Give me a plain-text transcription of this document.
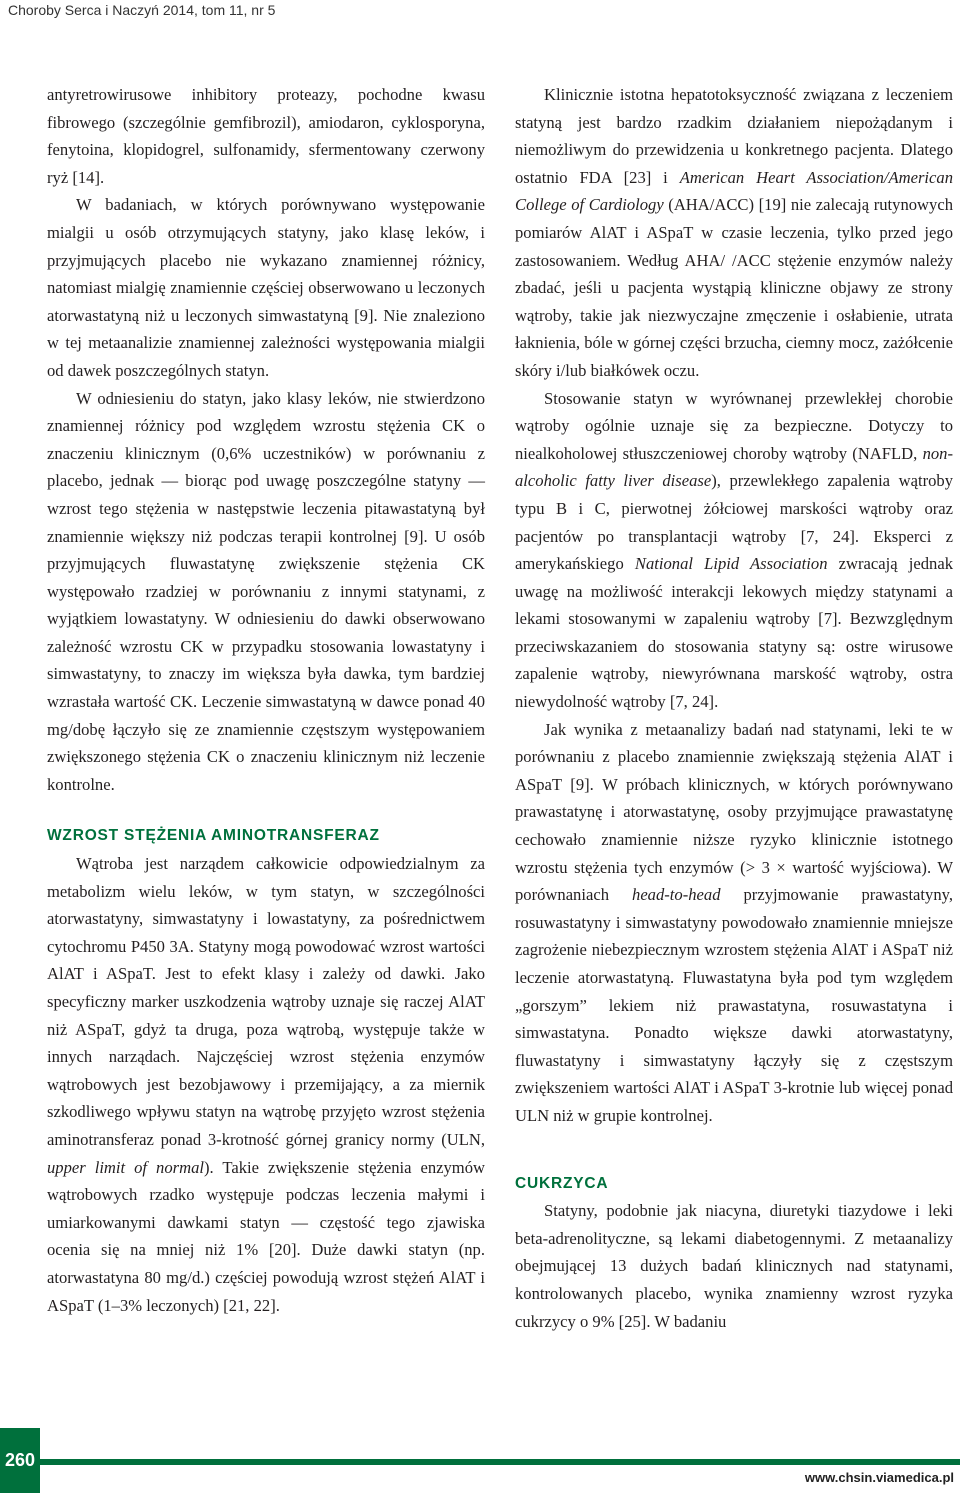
Choroby Serca i Naczyń 2014, tom 11, nr 5

antyretrowirusowe inhibitory proteazy, pochodne kwasu fibrowego (szczególnie gemfibrozil), amiodaron, cyklosporyna, fenytoina, klopidogrel, sulfonamidy, sfermentowany czerwony ryż [14].

W badaniach, w których porównywano występowanie mialgii u osób otrzymujących statyny, jako klasę leków, i przyjmujących placebo nie wykazano znamiennej różnicy, natomiast mialgię znamiennie częściej obserwowano u leczonych atorwastatyną niż u leczonych simwastatyną [9]. Nie znaleziono w tej metaanalizie znamiennej zależności występowania mialgii od dawek poszczególnych statyn.

W odniesieniu do statyn, jako klasy leków, nie stwierdzono znamiennej różnicy pod względem wzrostu stężenia CK o znaczeniu klinicznym (0,6% uczestników) w porównaniu z placebo, jednak — biorąc pod uwagę poszczególne statyny — wzrost tego stężenia w następstwie leczenia pitawastatyną był znamiennie większy niż podczas terapii kontrolnej [9]. U osób przyjmujących fluwastatynę zwiększenie stężenia CK występowało rzadziej w porównaniu z innymi statynami, z wyjątkiem lowastatyny. W odniesieniu do dawki obserwowano zależność wzrostu CK w przypadku stosowania lowastatyny i simwastatyny, to znaczy im większa była dawka, tym bardziej wzrastała wartość CK. Leczenie simwastatyną w dawce ponad 40 mg/dobę łączyło się ze znamiennie częstszym występowaniem zwiększonego stężenia CK o znaczeniu klinicznym niż leczenie kontrolne.

WZROST STĘŻENIA AMINOTRANSFERAZ

Wątroba jest narządem całkowicie odpowiedzialnym za metabolizm wielu leków, w tym statyn, w szczególności atorwastatyny, simwastatyny i lowastatyny, za pośrednictwem cytochromu P450 3A. Statyny mogą powodować wzrost wartości AlAT i ASpaT. Jest to efekt klasy i zależy od dawki. Jako specyficzny marker uszkodzenia wątroby uznaje się raczej AlAT niż ASpaT, gdyż ta druga, poza wątrobą, występuje także w innych narządach. Najczęściej wzrost stężenia enzymów wątrobowych jest bezobjawowy i przemijający, a za miernik szkodliwego wpływu statyn na wątrobę przyjęto wzrost stężenia aminotransferaz ponad 3-krotność górnej granicy normy (ULN, upper limit of normal). Takie zwiększenie stężenia enzymów wątrobowych rzadko występuje podczas leczenia małymi i umiarkowanymi dawkami statyn — częstość tego zjawiska ocenia się na mniej niż 1% [20]. Duże dawki statyn (np. atorwastatyna 80 mg/d.) częściej powodują wzrost stężeń AlAT i ASpaT (1–3% leczonych) [21, 22].

Klinicznie istotna hepatotoksyczność związana z leczeniem statyną jest bardzo rzadkim działaniem niepożądanym i niemożliwym do przewidzenia u konkretnego pacjenta. Dlatego ostatnio FDA [23] i American Heart Association/American College of Cardiology (AHA/ACC) [19] nie zalecają rutynowych pomiarów AlAT i ASpaT w czasie leczenia, tylko przed jego zastosowaniem. Według AHA/ /ACC stężenie enzymów należy zbadać, jeśli u pacjenta wystąpią kliniczne objawy ze strony wątroby, takie jak niezwyczajne zmęczenie i osłabienie, utrata łaknienia, bóle w górnej części brzucha, ciemny mocz, zażółcenie skóry i/lub białkówek oczu.

Stosowanie statyn w wyrównanej przewlekłej chorobie wątroby ogólnie uznaje się za bezpieczne. Dotyczy to niealkoholowej stłuszczeniowej choroby wątroby (NAFLD, non-alcoholic fatty liver disease), przewlekłego zapalenia wątroby typu B i C, pierwotnej żółciowej marskości wątroby oraz pacjentów po transplantacji wątroby [7, 24]. Eksperci z amerykańskiego National Lipid Association zwracają jednak uwagę na możliwość interakcji lekowych między statynami a lekami stosowanymi w zapaleniu wątroby [7]. Bezwzględnym przeciwskazaniem do stosowania statyny są: ostre wirusowe zapalenie wątroby, niewyrównana marskość wątroby, ostra niewydolność wątroby [7, 24].

Jak wynika z metaanalizy badań nad statynami, leki te w porównaniu z placebo znamiennie zwiększają stężenia AlAT i ASpaT [9]. W próbach klinicznych, w których porównywano prawastatynę i atorwastatynę, osoby przyjmujące prawastatynę cechowało znamiennie niższe ryzyko klinicznie istotnego wzrostu stężenia tych enzymów (> 3 × wartość wyjściowa). W porównaniach head-to-head przyjmowanie prawastatyny, rosuwastatyny i simwastatyny powodowało znamiennie mniejsze zagrożenie niebezpiecznym wzrostem stężenia AlAT i ASpaT niż leczenie atorwastatyną. Fluwastatyna była pod tym względem „gorszym” lekiem niż prawastatyna, rosuwastatyna i simwastatyna. Ponadto większe dawki atorwastatyny, fluwastatyny i simwastatyny łączyły się z częstszym zwiększeniem wartości AlAT i ASpaT 3-krotnie lub więcej ponad ULN niż w grupie kontrolnej.

CUKRZYCA

Statyny, podobnie jak niacyna, diuretyki tiazydowe i leki beta-adrenolityczne, są lekami diabetogennymi. Z metaanalizy obejmującej 13 dużych badań klinicznych nad statynami, kontrolowanych placebo, wynika znamienny wzrost ryzyka cukrzycy o 9% [25]. W badaniu

260
www.chsin.viamedica.pl
